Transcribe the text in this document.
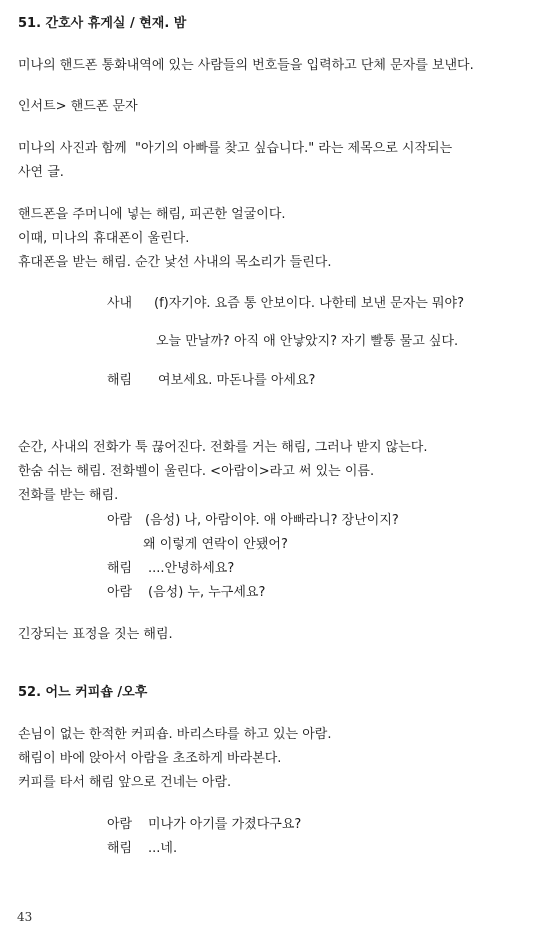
51. 간호사 휴게실 / 현재. 밤
미나의 핸드폰 통화내역에 있는 사람들의 번호들을 입력하고 단체 문자를 보낸다.
인서트> 핸드폰 문자
미나의 사진과 함께  "아기의 아빠를 찾고 싶습니다." 라는 제목으로 시작되는
사연 글.
핸드폰을 주머니에 넣는 해림, 피곤한 얼굴이다.
이때, 미나의 휴대폰이 울린다.
휴대폰을 받는 해림. 순간 낯선 사내의 목소리가 들린다.
사내 (f)자기야. 요즘 통 안보이다. 나한테 보낸 문자는 뭐야?
오늘 만날까? 아직 애 안낳았지? 자기 빨통 물고 싶다.
해림 여보세요. 마돈나를 아세요?
순간, 사내의 전화가 툭 끊어진다. 전화를 거는 해림, 그러나 받지 않는다.
한숨 쉬는 해림. 전화벨이 울린다. <아람이>라고 써 있는 이름.
전화를 받는 해림.
아람 (음성) 나, 아람이야. 애 아빠라니? 장난이지?
왜 이렇게 연락이 안됐어?
해림 ....안녕하세요?
아람 (음성) 누, 누구세요?
긴장되는 표정을 짓는 해림.
52. 어느 커피숍 /오후
손님이 없는 한적한 커피숍. 바리스타를 하고 있는 아람.
해림이 바에 앉아서 아람을 초조하게 바라본다.
커피를 타서 해림 앞으로 건네는 아람.
아람 미나가 아기를 가졌다구요?
해림 ...네.
43
